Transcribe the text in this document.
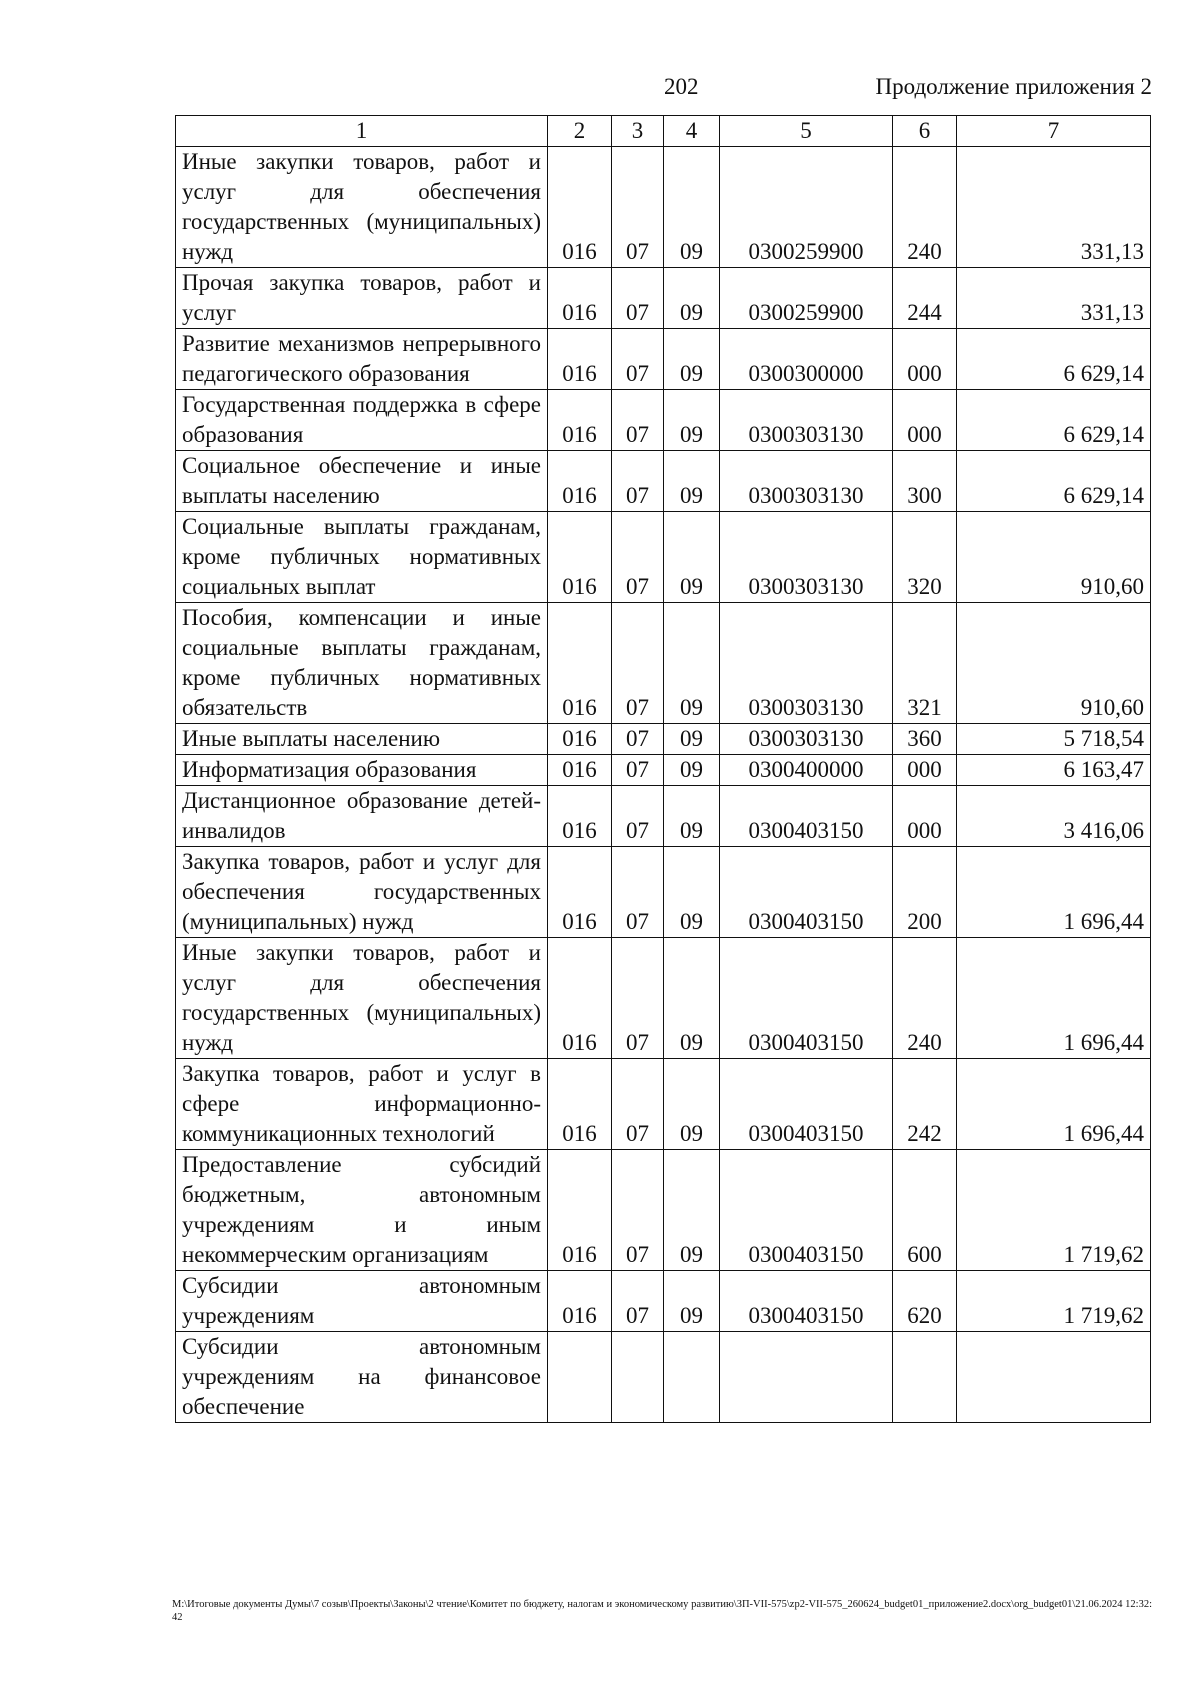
202	Продолжение приложения 2
1	2	3	4	5	6	7
Иные закупки товаров, работ и услуг для обеспечения государственных (муниципальных) нужд	016	07	09	0300259900	240	331,13
Прочая закупка товаров, работ и услуг	016	07	09	0300259900	244	331,13
Развитие механизмов непрерывного педагогического образования	016	07	09	0300300000	000	6 629,14
Государственная поддержка в сфере образования	016	07	09	0300303130	000	6 629,14
Социальное обеспечение и иные выплаты населению	016	07	09	0300303130	300	6 629,14
Социальные выплаты гражданам, кроме публичных нормативных социальных выплат	016	07	09	0300303130	320	910,60
Пособия, компенсации и иные социальные выплаты гражданам, кроме публичных нормативных обязательств	016	07	09	0300303130	321	910,60
Иные выплаты населению	016	07	09	0300303130	360	5 718,54
Информатизация образования	016	07	09	0300400000	000	6 163,47
Дистанционное образование детей-инвалидов	016	07	09	0300403150	000	3 416,06
Закупка товаров, работ и услуг для обеспечения государственных (муниципальных) нужд	016	07	09	0300403150	200	1 696,44
Иные закупки товаров, работ и услуг для обеспечения государственных (муниципальных) нужд	016	07	09	0300403150	240	1 696,44
Закупка товаров, работ и услуг в сфере информационно-коммуникационных технологий	016	07	09	0300403150	242	1 696,44
Предоставление субсидий бюджетным, автономным учреждениям и иным некоммерческим организациям	016	07	09	0300403150	600	1 719,62
Субсидии автономным учреждениям	016	07	09	0300403150	620	1 719,62
Субсидии автономным учреждениям на финансовое обеспечение						
M:\Итоговые документы Думы\7 созыв\Проекты\Законы\2 чтение\Комитет по бюджету, налогам и экономическому развитию\ЗП-VII-575\zp2-VII-575_260624_budget01_приложение2.docx\org_budget01\21.06.2024 12:32:42
